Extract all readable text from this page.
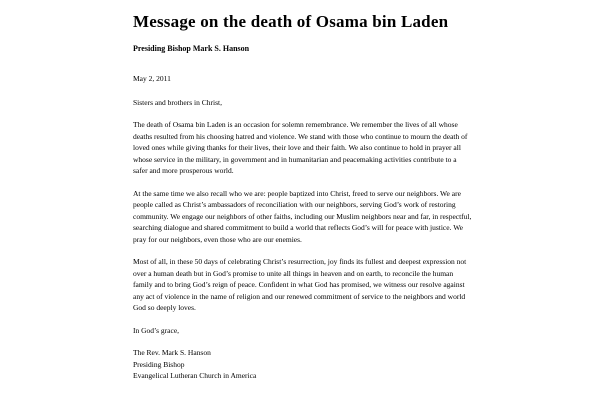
Message on the death of Osama bin Laden
Presiding Bishop Mark S. Hanson
May 2, 2011

Sisters and brothers in Christ,

The death of Osama bin Laden is an occasion for solemn remembrance. We remember the lives of all whose deaths resulted from his choosing hatred and violence. We stand with those who continue to mourn the death of loved ones while giving thanks for their lives, their love and their faith. We also continue to hold in prayer all whose service in the military, in government and in humanitarian and peacemaking activities contribute to a safer and more prosperous world.

At the same time we also recall who we are: people baptized into Christ, freed to serve our neighbors. We are people called as Christ’s ambassadors of reconciliation with our neighbors, serving God’s work of restoring community. We engage our neighbors of other faiths, including our Muslim neighbors near and far, in respectful, searching dialogue and shared commitment to build a world that reflects God’s will for peace with justice. We pray for our neighbors, even those who are our enemies.

Most of all, in these 50 days of celebrating Christ’s resurrection, joy finds its fullest and deepest expression not over a human death but in God’s promise to unite all things in heaven and on earth, to reconcile the human family and to bring God’s reign of peace. Confident in what God has promised, we witness our resolve against any act of violence in the name of religion and our renewed commitment of service to the neighbors and world God so deeply loves.

In God’s grace,

The Rev. Mark S. Hanson
Presiding Bishop
Evangelical Lutheran Church in America
